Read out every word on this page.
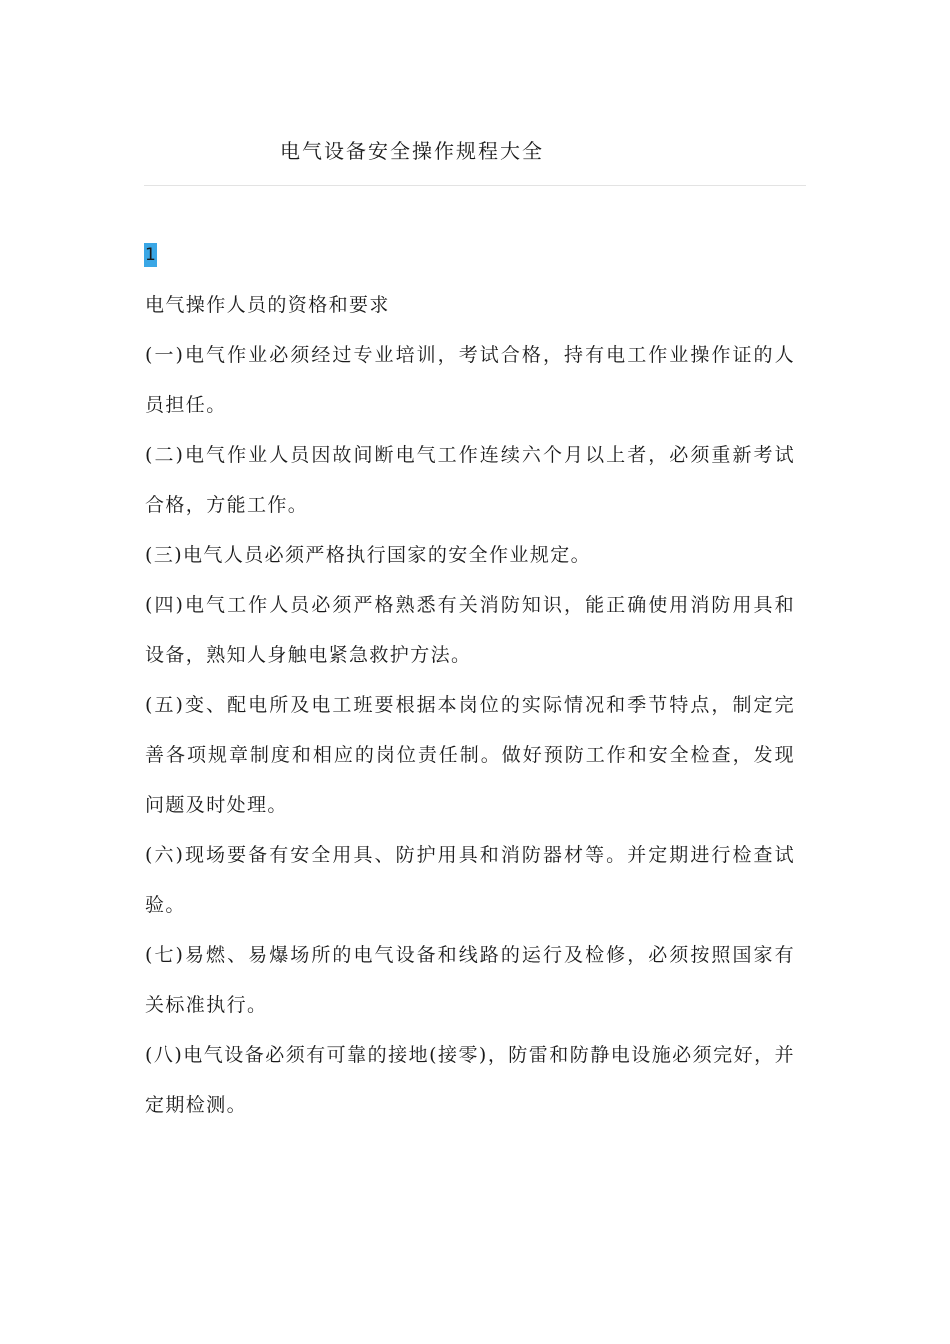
电气设备安全操作规程大全
1

电气操作人员的资格和要求

(一)电气作业必须经过专业培训，考试合格，持有电工作业操作证的人员担任。

(二)电气作业人员因故间断电气工作连续六个月以上者，必须重新考试合格，方能工作。

(三)电气人员必须严格执行国家的安全作业规定。

(四)电气工作人员必须严格熟悉有关消防知识，能正确使用消防用具和设备，熟知人身触电紧急救护方法。

(五)变、配电所及电工班要根据本岗位的实际情况和季节特点，制定完善各项规章制度和相应的岗位责任制。做好预防工作和安全检查，发现问题及时处理。

(六)现场要备有安全用具、防护用具和消防器材等。并定期进行检查试验。

(七)易燃、易爆场所的电气设备和线路的运行及检修，必须按照国家有关标准执行。

(八)电气设备必须有可靠的接地(接零)，防雷和防静电设施必须完好，并定期检测。
